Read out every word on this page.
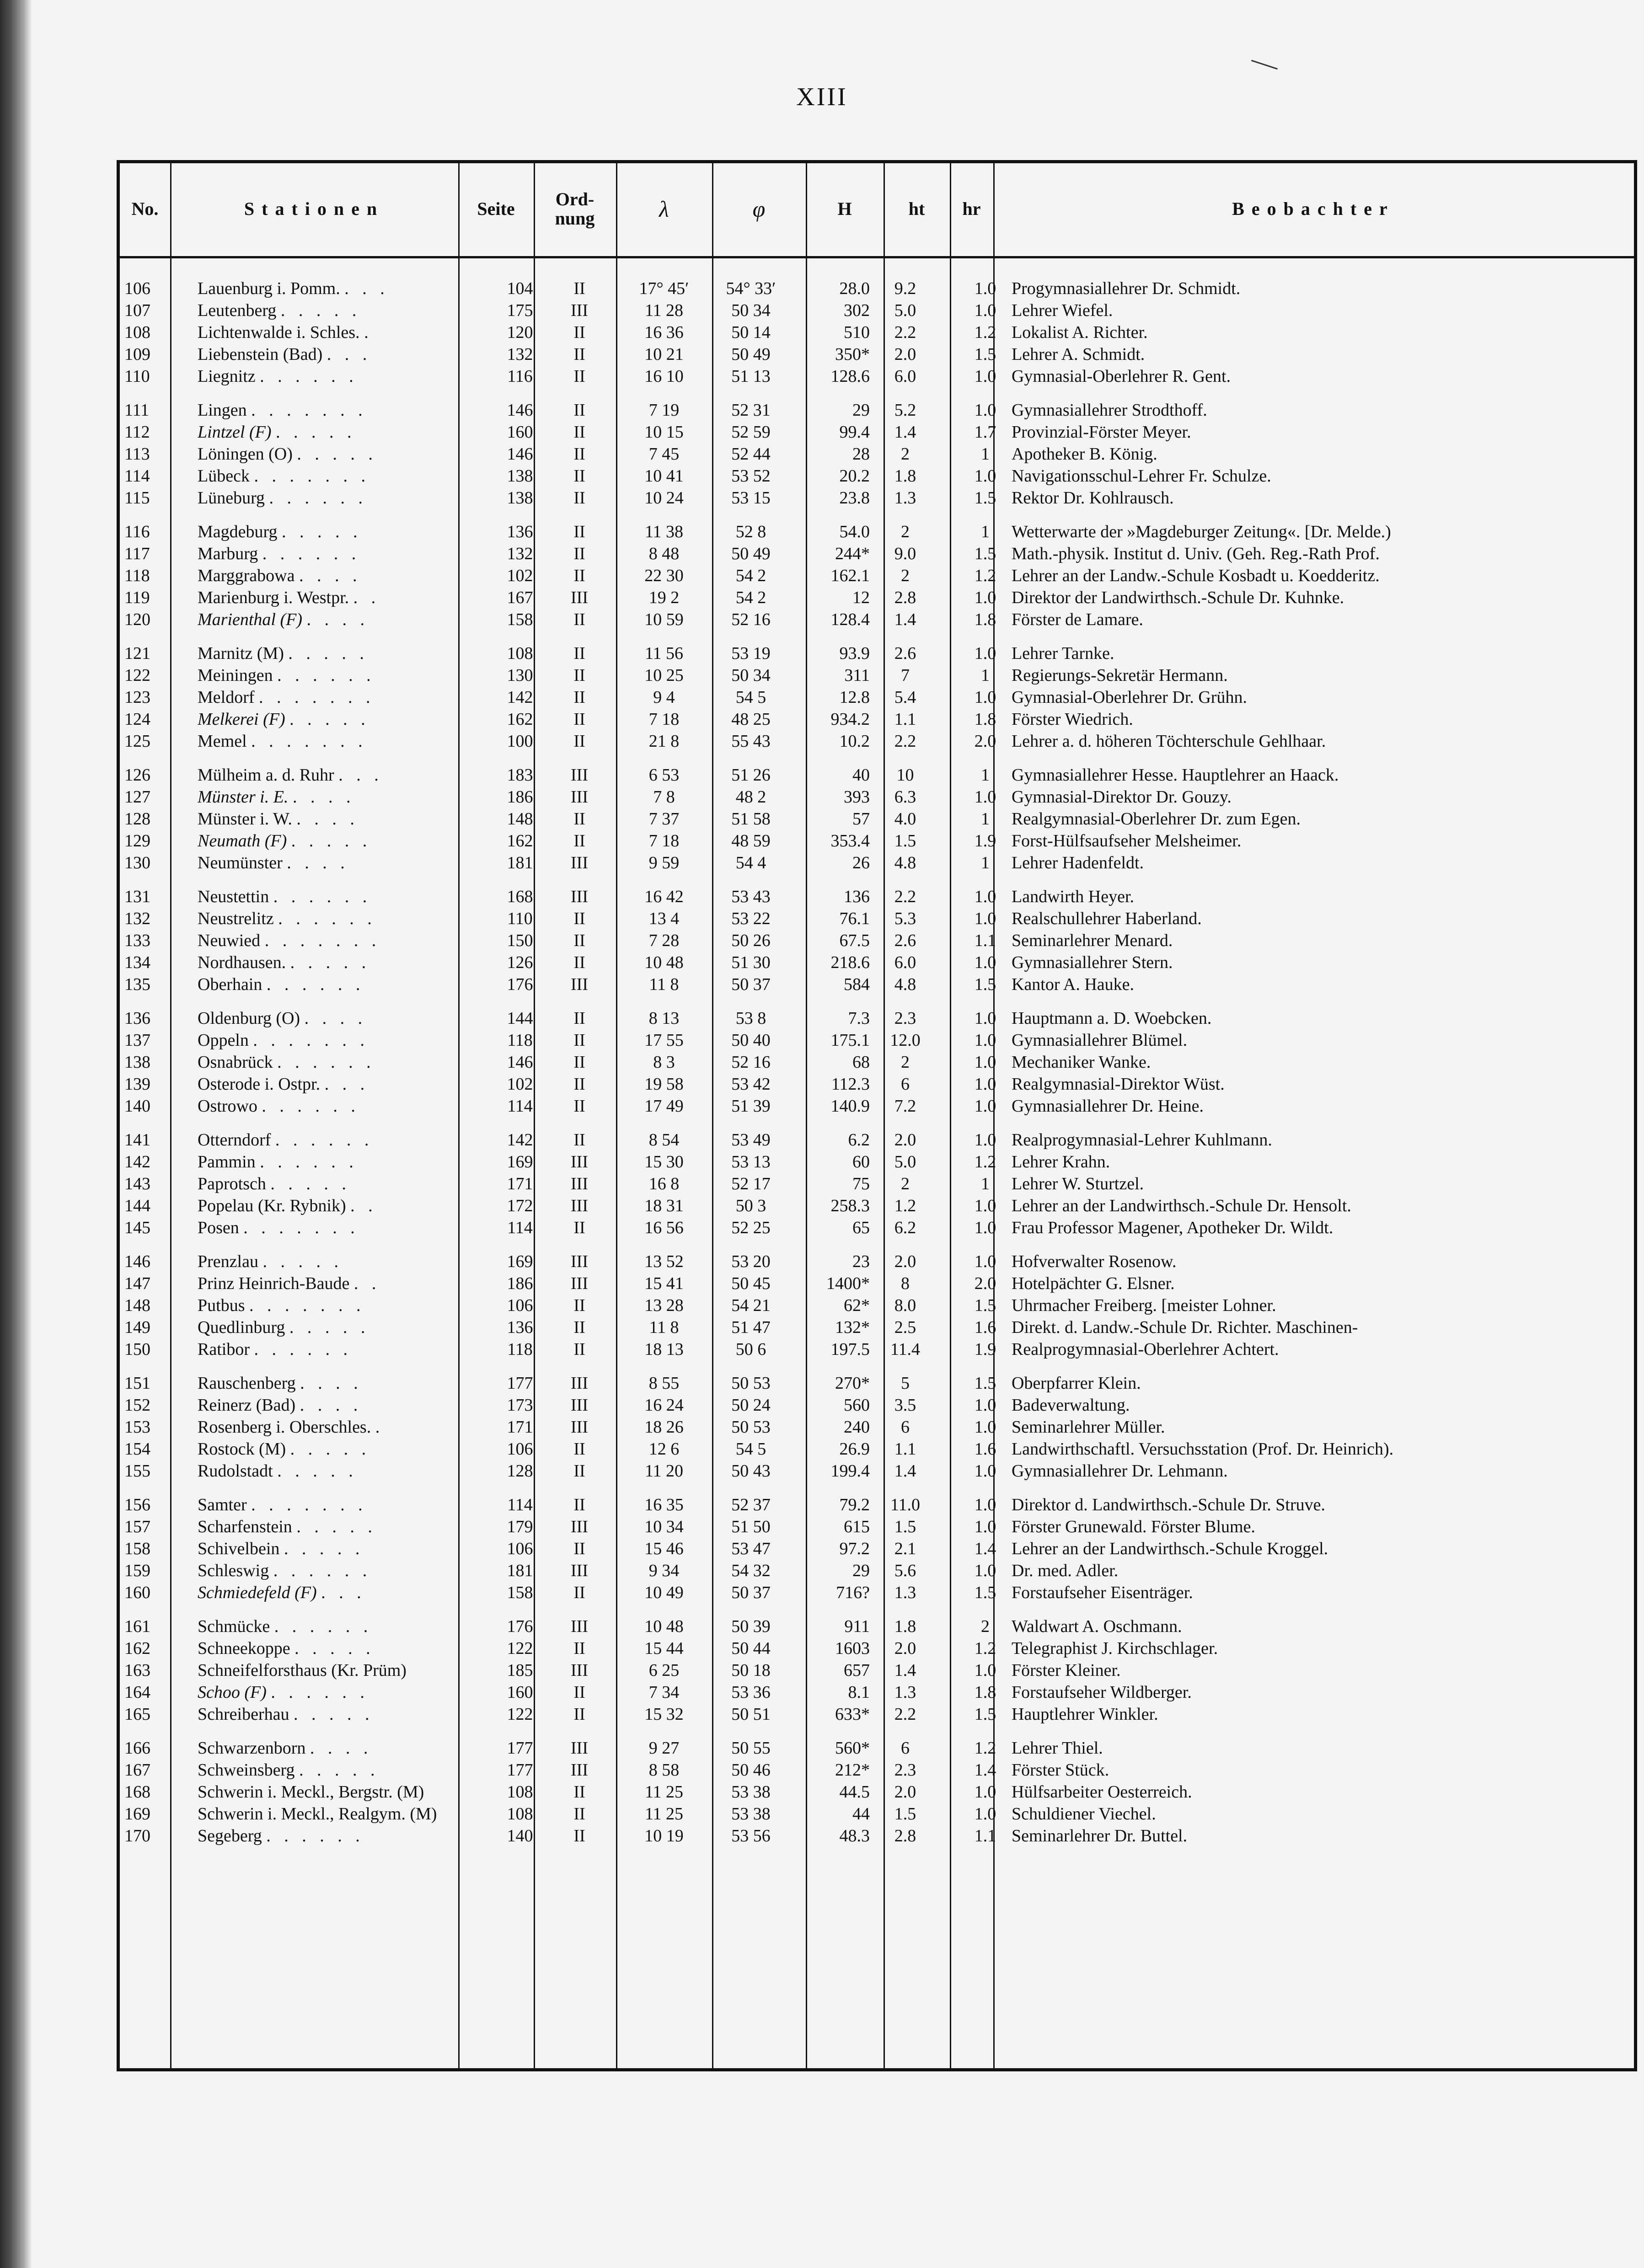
XIII
No.	Stationen	Seite	Ord-
nung	λ	φ	H	ht	hr	Beobachter
106	Lauenburg i. Pomm. . . .	104	II	17° 45′	54° 33′	28.0	9.2	1.0 Progymnasiallehrer Dr. Schmidt.
107	Leutenberg . . . . .	175	III	11 28	50 34	302	5.0	1.0 Lehrer Wiefel.
108	Lichtenwalde i. Schles. .	120	II	16 36	50 14	510	2.2	1.2 Lokalist A. Richter.
109	Liebenstein (Bad) . . .	132	II	10 21	50 49	350*	2.0	1.5 Lehrer A. Schmidt.
110	Liegnitz . . . . . .	116	II	16 10	51 13	128.6	6.0	1.0 Gymnasial-Oberlehrer R. Gent.
111	Lingen . . . . . . .	146	II	7 19	52 31	29	5.2	1.0 Gymnasiallehrer Strodthoff.
112	Lintzel (F) . . . . .	160	II	10 15	52 59	99.4	1.4	1.7 Provinzial-Förster Meyer.
113	Löningen (O) . . . . .	146	II	7 45	52 44	28	2	1	Apotheker B. König.
114	Lübeck . . . . . . .	138	II	10 41	53 52	20.2	1.8	1.0 Navigationsschul-Lehrer Fr. Schulze.
115	Lüneburg . . . . . .	138	II	10 24	53 15	23.8	1.3	1.5 Rektor Dr. Kohlrausch.
116	Magdeburg . . . . .	136	II	11 38	52 8	54.0	2	1	Wetterwarte der »Magdeburger Zeitung«. [Dr. Melde.)
117	Marburg . . . . . .	132	II	8 48	50 49	244*	9.0	1.5 Math.-physik. Institut d. Univ. (Geh. Reg.-Rath Prof.
118	Marggrabowa . . . .	102	II	22 30	54 2	162.1	2	1.2 Lehrer an der Landw.-Schule Kosbadt u. Koedderitz.
119	Marienburg i. Westpr. . .	167	III	19 2	54 2	12	2.8	1.0 Direktor der Landwirthsch.-Schule Dr. Kuhnke.
120	Marienthal (F) . . . .	158	II	10 59	52 16	128.4	1.4	1.8 Förster de Lamare.
121	Marnitz (M) . . . . .	108	II	11 56	53 19	93.9	2.6	1.0 Lehrer Tarnke.
122	Meiningen . . . . . .	130	II	10 25	50 34	311	7	1	Regierungs-Sekretär Hermann.
123	Meldorf . . . . . . .	142	II	9 4	54 5	12.8	5.4	1.0 Gymnasial-Oberlehrer Dr. Grühn.
124	Melkerei (F) . . . . .	162	II	7 18	48 25	934.2	1.1	1.8 Förster Wiedrich.
125	Memel . . . . . . .	100	II	21 8	55 43	10.2	2.2	2.0 Lehrer a. d. höheren Töchterschule Gehlhaar.
126	Mülheim a. d. Ruhr . . .	183	III	6 53	51 26	40	10	1	Gymnasiallehrer Hesse. Hauptlehrer an Haack.
127	Münster i. E. . . . .	186	III	7 8	48 2	393	6.3	1.0 Gymnasial-Direktor Dr. Gouzy.
128	Münster i. W. . . . .	148	II	7 37	51 58	57	4.0	1	Realgymnasial-Oberlehrer Dr. zum Egen.
129	Neumath (F) . . . . .	162	II	7 18	48 59	353.4	1.5	1.9 Forst-Hülfsaufseher Melsheimer.
130	Neumünster . . . .	181	III	9 59	54 4	26	4.8	1	Lehrer Hadenfeldt.
131	Neustettin . . . . . .	168	III	16 42	53 43	136	2.2	1.0 Landwirth Heyer.
132	Neustrelitz . . . . . .	110	II	13 4	53 22	76.1	5.3	1.0 Realschullehrer Haberland.
133	Neuwied . . . . . . .	150	II	7 28	50 26	67.5	2.6	1.1 Seminarlehrer Menard.
134	Nordhausen. . . . . .	126	II	10 48	51 30	218.6	6.0	1.0 Gymnasiallehrer Stern.
135	Oberhain . . . . . .	176	III	11 8	50 37	584	4.8	1.5 Kantor A. Hauke.
136	Oldenburg (O) . . . .	144	II	8 13	53 8	7.3	2.3	1.0 Hauptmann a. D. Woebcken.
137	Oppeln . . . . . . .	118	II	17 55	50 40	175.1	12.0	1.0 Gymnasiallehrer Blümel.
138	Osnabrück . . . . . .	146	II	8 3	52 16	68	2	1.0 Mechaniker Wanke.
139	Osterode i. Ostpr. . . .	102	II	19 58	53 42	112.3	6	1.0 Realgymnasial-Direktor Wüst.
140	Ostrowo . . . . . .	114	II	17 49	51 39	140.9	7.2	1.0 Gymnasiallehrer Dr. Heine.
141	Otterndorf . . . . . .	142	II	8 54	53 49	6.2	2.0	1.0 Realprogymnasial-Lehrer Kuhlmann.
142	Pammin . . . . . .	169	III	15 30	53 13	60	5.0	1.2 Lehrer Krahn.
143	Paprotsch . . . . .	171	III	16 8	52 17	75	2	1	Lehrer W. Sturtzel.
144	Popelau (Kr. Rybnik) . .	172	III	18 31	50 3	258.3	1.2	1.0 Lehrer an der Landwirthsch.-Schule Dr. Hensolt.
145	Posen . . . . . . .	114	II	16 56	52 25	65	6.2	1.0 Frau Professor Magener, Apotheker Dr. Wildt.
146	Prenzlau . . . . .	169	III	13 52	53 20	23	2.0	1.0 Hofverwalter Rosenow.
147	Prinz Heinrich-Baude . .	186	III	15 41	50 45	1400*	8	2.0 Hotelpächter G. Elsner.
148	Putbus . . . . . . .	106	II	13 28	54 21	62*	8.0	1.5 Uhrmacher Freiberg. [meister Lohner.
149	Quedlinburg . . . . .	136	II	11 8	51 47	132*	2.5	1.6 Direkt. d. Landw.-Schule Dr. Richter. Maschinen-
150	Ratibor . . . . . .	118	II	18 13	50 6	197.5	11.4	1.9 Realprogymnasial-Oberlehrer Achtert.
151	Rauschenberg . . . .	177	III	8 55	50 53	270*	5	1.5 Oberpfarrer Klein.
152	Reinerz (Bad) . . . .	173	III	16 24	50 24	560	3.5	1.0 Badeverwaltung.
153	Rosenberg i. Oberschles. .	171	III	18 26	50 53	240	6	1.0 Seminarlehrer Müller.
154	Rostock (M) . . . . .	106	II	12 6	54 5	26.9	1.1	1.6 Landwirthschaftl. Versuchsstation (Prof. Dr. Heinrich).
155	Rudolstadt . . . . .	128	II	11 20	50 43	199.4	1.4	1.0 Gymnasiallehrer Dr. Lehmann.
156	Samter . . . . . . .	114	II	16 35	52 37	79.2	11.0	1.0 Direktor d. Landwirthsch.-Schule Dr. Struve.
157	Scharfenstein . . . . .	179	III	10 34	51 50	615	1.5	1.0 Förster Grunewald. Förster Blume.
158	Schivelbein . . . . .	106	II	15 46	53 47	97.2	2.1	1.4 Lehrer an der Landwirthsch.-Schule Kroggel.
159	Schleswig . . . . . .	181	III	9 34	54 32	29	5.6	1.0 Dr. med. Adler.
160	Schmiedefeld (F) . . .	158	II	10 49	50 37	716?	1.3	1.5 Forstaufseher Eisenträger.
161	Schmücke . . . . . .	176	III	10 48	50 39	911	1.8	2	Waldwart A. Oschmann.
162	Schneekoppe . . . . .	122	II	15 44	50 44	1603	2.0	1.2 Telegraphist J. Kirchschlager.
163	Schneifelforsthaus (Kr. Prüm)	185	III	6 25	50 18	657	1.4	1.0 Förster Kleiner.
164	Schoo (F) . . . . . .	160	II	7 34	53 36	8.1	1.3	1.8 Forstaufseher Wildberger.
165	Schreiberhau . . . . .	122	II	15 32	50 51	633*	2.2	1.5 Hauptlehrer Winkler.
166	Schwarzenborn . . . .	177	III	9 27	50 55	560*	6	1.2 Lehrer Thiel.
167	Schweinsberg . . . . .	177	III	8 58	50 46	212*	2.3	1.4 Förster Stück.
168	Schwerin i. Meckl., Bergstr. (M)	108	II	11 25	53 38	44.5	2.0	1.0 Hülfsarbeiter Oesterreich.
169	Schwerin i. Meckl., Realgym. (M)	108	II	11 25	53 38	44	1.5	1.0 Schuldiener Viechel.
170	Segeberg . . . . . .	140	II	10 19	53 56	48.3	2.8	1.1 Seminarlehrer Dr. Buttel.
